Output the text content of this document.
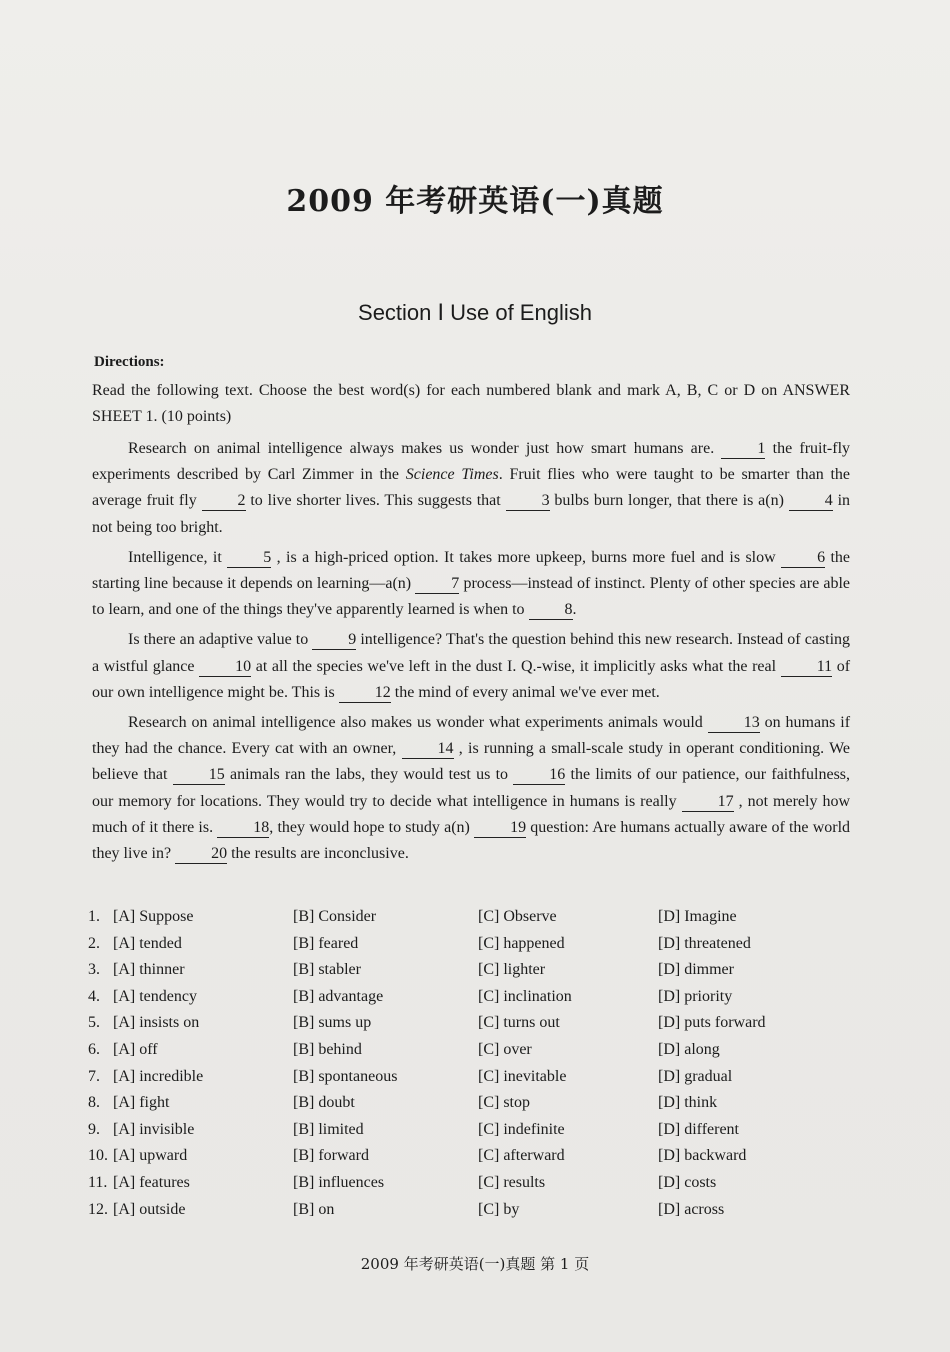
2009 年考研英语(一)真题
Section Ⅰ Use of English
Directions:

Read the following text. Choose the best word(s) for each numbered blank and mark A, B, C or D on ANSWER SHEET 1. (10 points)

Research on animal intelligence always makes us wonder just how smart humans are.	1 the fruit-fly experiments described by Carl Zimmer in the Science Times. Fruit flies who were taught to be smarter than the average fruit fly	2 to live shorter lives. This suggests that	3 bulbs burn longer, that there is a(n)	4 in not being too bright.

Intelligence, it	5 , is a high-priced option. It takes more upkeep, burns more fuel and is slow	6 the starting line because it depends on learning—a(n)	7 process—instead of instinct. Plenty of other species are able to learn, and one of the things they've apparently learned is when to	8.

Is there an adaptive value to	9 intelligence? That's the question behind this new research. Instead of casting a wistful glance	10 at all the species we've left in the dust I. Q.-wise, it implicitly asks what the real	11 of our own intelligence might be. This is	12 the mind of every animal we've ever met.

Research on animal intelligence also makes us wonder what experiments animals would	13 on humans if they had the chance. Every cat with an owner,	14 , is running a small-scale study in operant conditioning. We believe that	15 animals ran the labs, they would test us to	16 the limits of our patience, our faithfulness, our memory for locations. They would try to decide what intelligence in humans is really	17 , not merely how much of it there is.	18, they would hope to study a(n)	19 question: Are humans actually aware of the world they live in?	20 the results are inconclusive.

1. [A] Suppose	[B] Consider	[C] Observe	[D] Imagine
2. [A] tended	[B] feared	[C] happened	[D] threatened
3. [A] thinner	[B] stabler	[C] lighter	[D] dimmer
4. [A] tendency	[B] advantage	[C] inclination	[D] priority
5. [A] insists on	[B] sums up	[C] turns out	[D] puts forward
6. [A] off	[B] behind	[C] over	[D] along
7. [A] incredible	[B] spontaneous	[C] inevitable	[D] gradual
8. [A] fight	[B] doubt	[C] stop	[D] think
9. [A] invisible	[B] limited	[C] indefinite	[D] different
10. [A] upward	[B] forward	[C] afterward	[D] backward
11. [A] features	[B] influences	[C] results	[D] costs
12. [A] outside	[B] on	[C] by	[D] across
2009 年考研英语(一)真题 第 1 页
